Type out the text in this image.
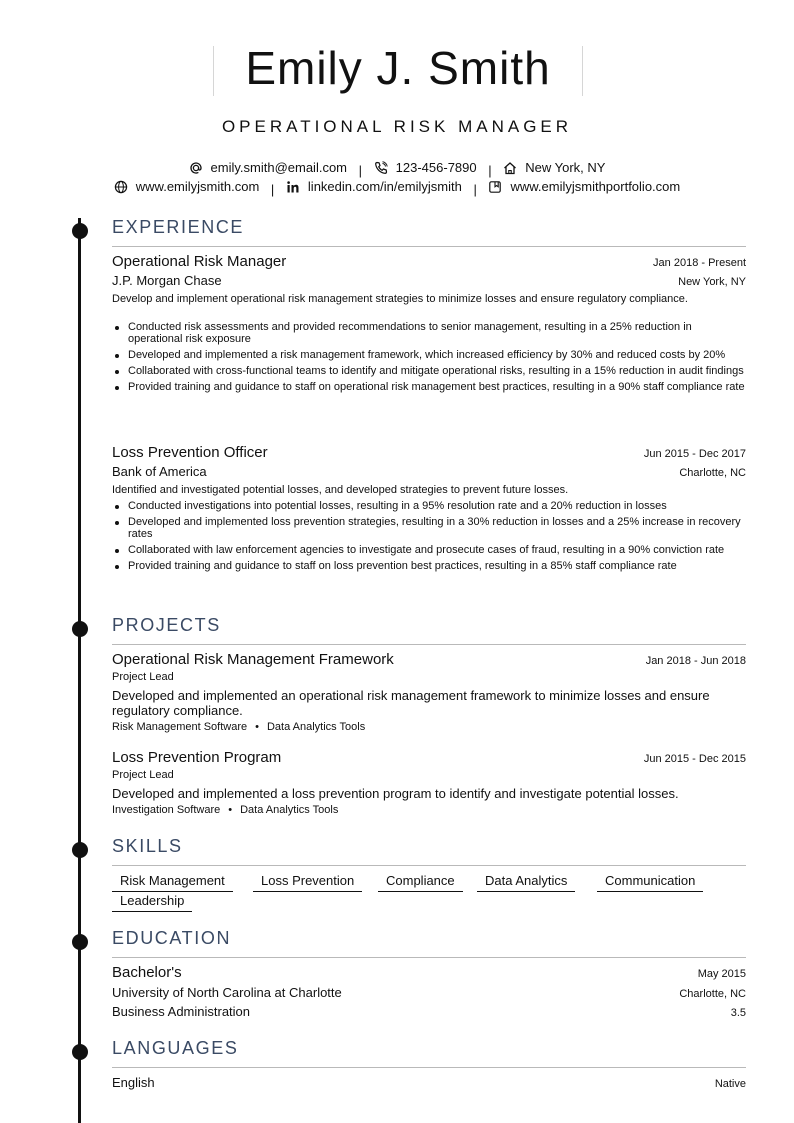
Emily J. Smith
OPERATIONAL RISK MANAGER
emily.smith@email.com |	123-456-7890 |	New York, NY
www.emilyjsmith.com |	linkedin.com/in/emilyjsmith |	www.emilyjsmithportfolio.com
EXPERIENCE
Operational Risk Manager	Jan 2018 - Present
J.P. Morgan Chase	New York, NY
Develop and implement operational risk management strategies to minimize losses and ensure regulatory compliance.
Conducted risk assessments and provided recommendations to senior management, resulting in a 25% reduction in operational risk exposure
Developed and implemented a risk management framework, which increased efficiency by 30% and reduced costs by 20%
Collaborated with cross-functional teams to identify and mitigate operational risks, resulting in a 15% reduction in audit findings
Provided training and guidance to staff on operational risk management best practices, resulting in a 90% staff compliance rate
Loss Prevention Officer	Jun 2015 - Dec 2017
Bank of America	Charlotte, NC
Identified and investigated potential losses, and developed strategies to prevent future losses.
Conducted investigations into potential losses, resulting in a 95% resolution rate and a 20% reduction in losses
Developed and implemented loss prevention strategies, resulting in a 30% reduction in losses and a 25% increase in recovery rates
Collaborated with law enforcement agencies to investigate and prosecute cases of fraud, resulting in a 90% conviction rate
Provided training and guidance to staff on loss prevention best practices, resulting in a 85% staff compliance rate
PROJECTS
Operational Risk Management Framework	Jan 2018 - Jun 2018
Project Lead
Developed and implemented an operational risk management framework to minimize losses and ensure regulatory compliance.
Risk Management Software • Data Analytics Tools
Loss Prevention Program	Jun 2015 - Dec 2015
Project Lead
Developed and implemented a loss prevention program to identify and investigate potential losses.
Investigation Software • Data Analytics Tools
SKILLS
Risk Management	Loss Prevention	Compliance	Data Analytics	Communication
Leadership
EDUCATION
Bachelor's	May 2015
University of North Carolina at Charlotte	Charlotte, NC
Business Administration	3.5
LANGUAGES
English	Native
